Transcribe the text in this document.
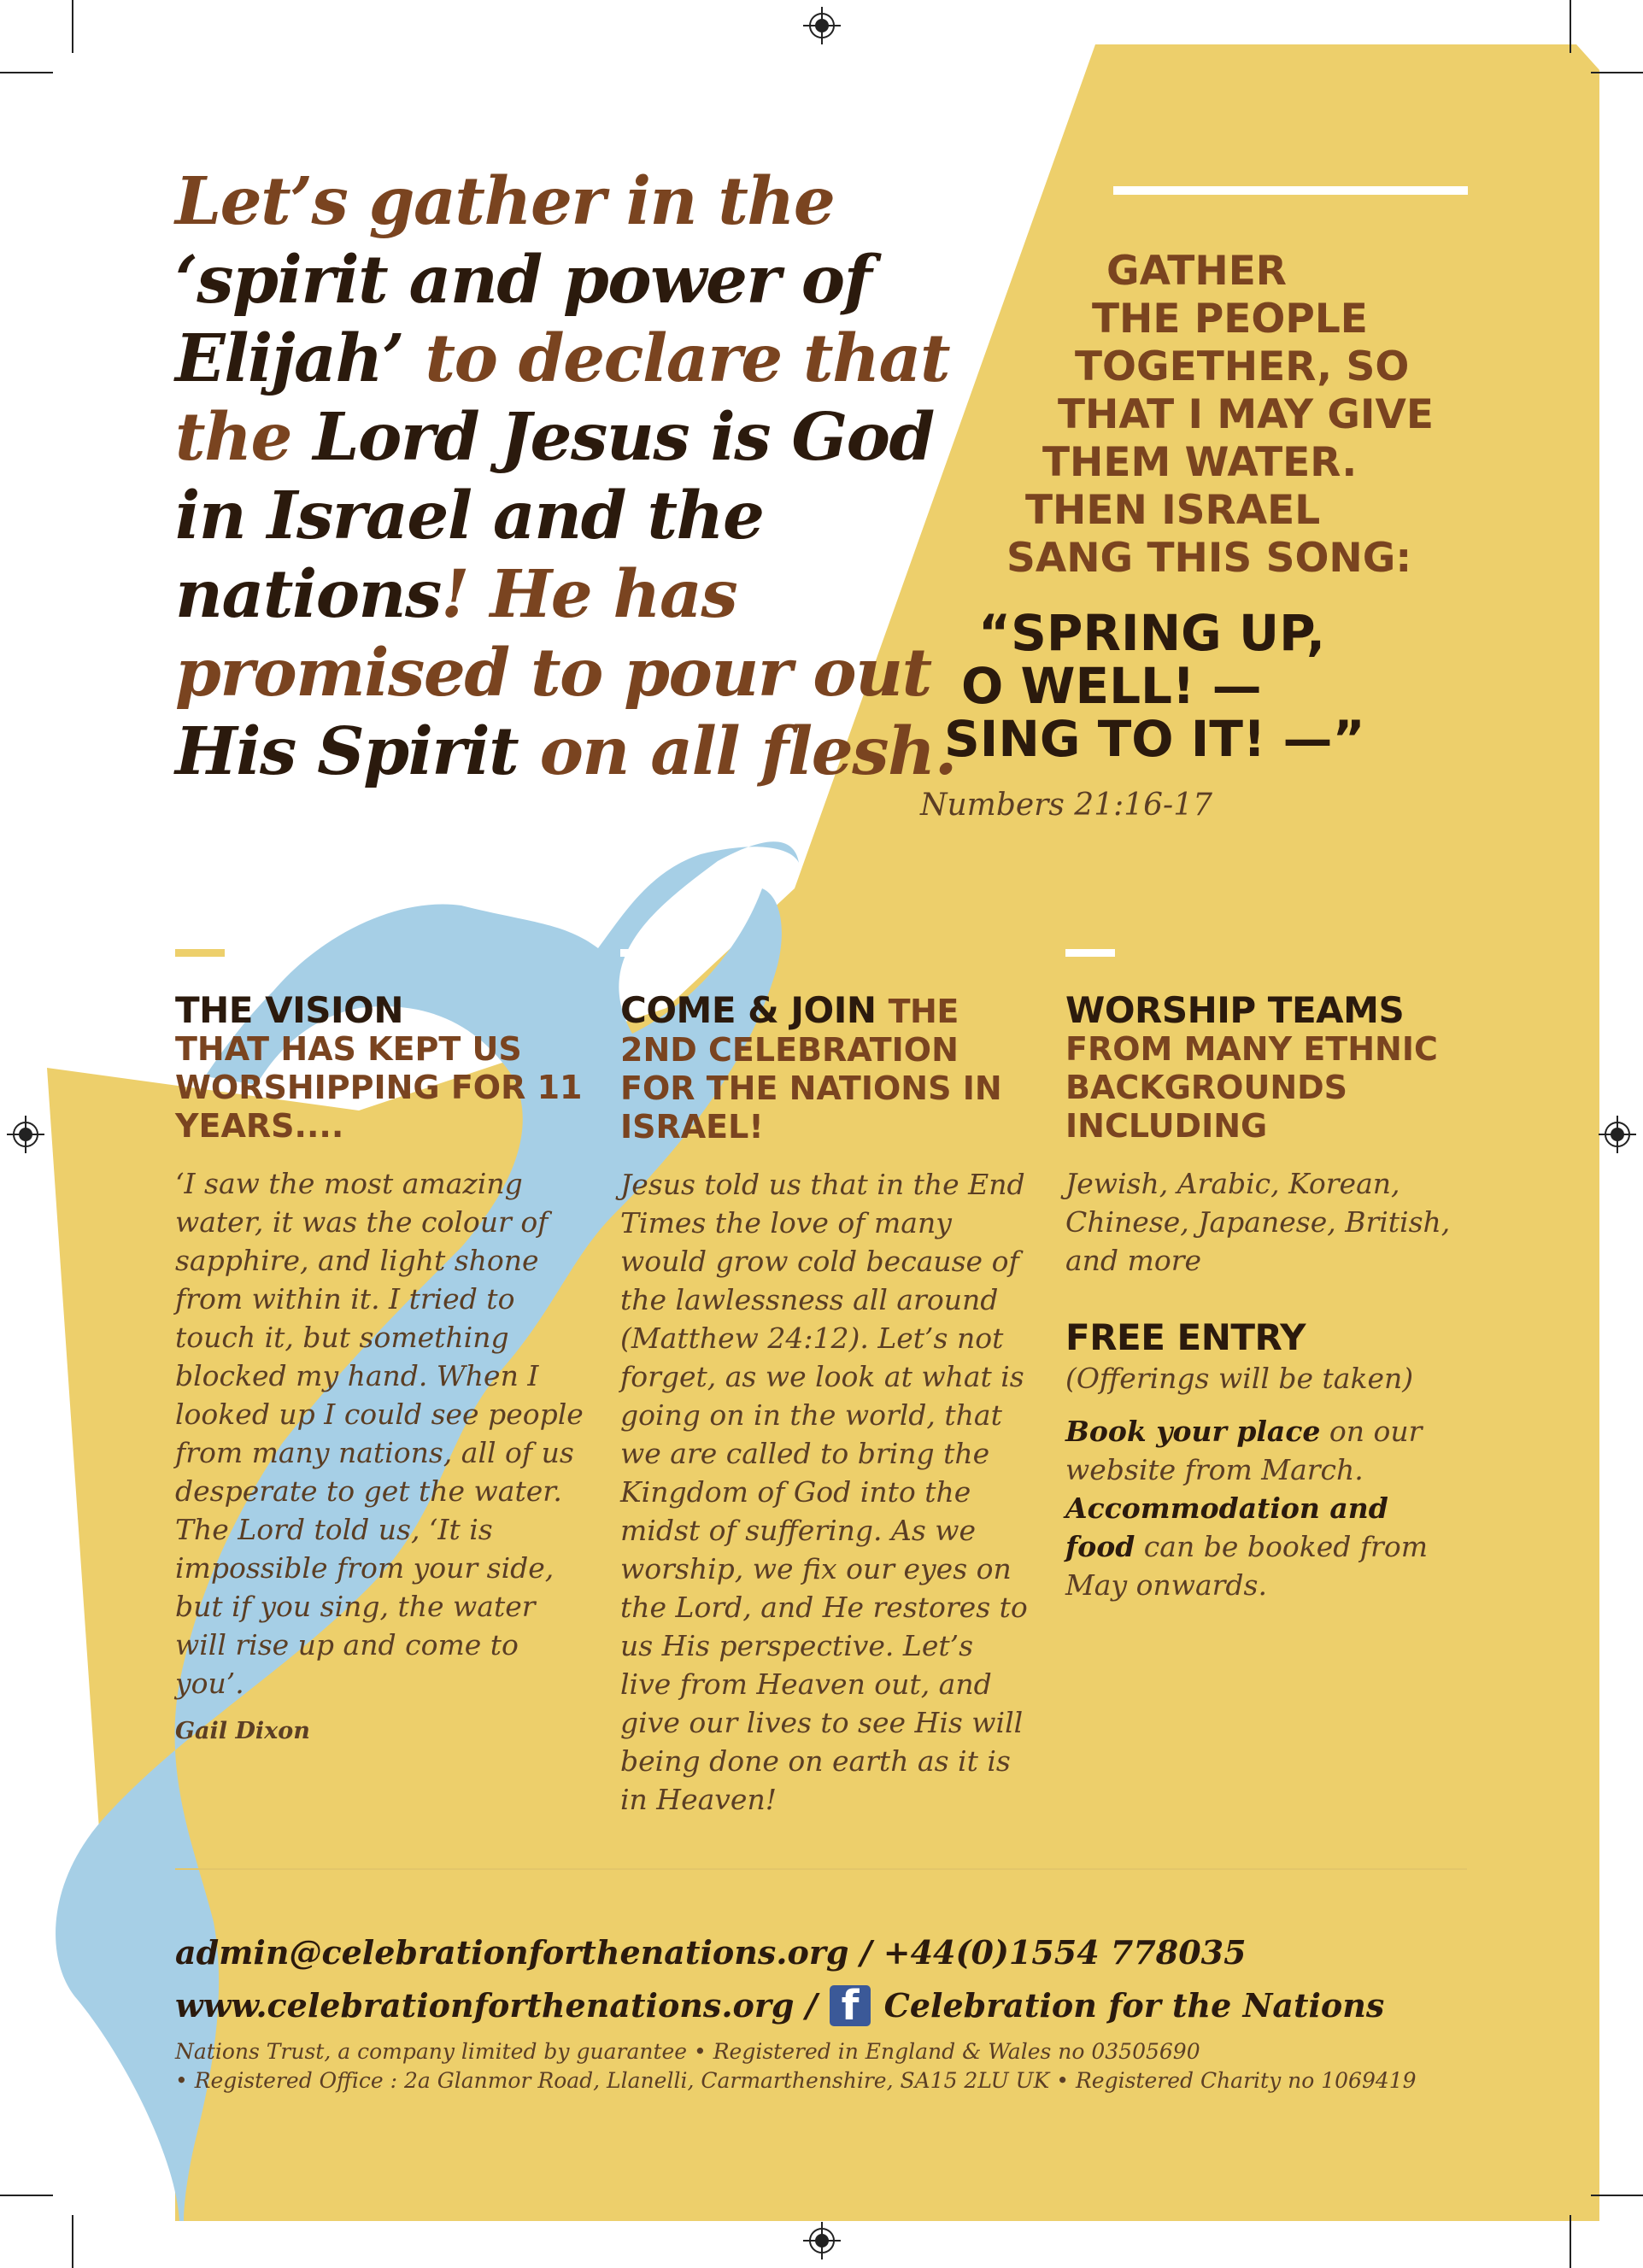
Let’s gather in the
‘spirit and power of Elijah’ to declare that the Lord Jesus is God in Israel and the nations! He has promised to pour out His Spirit on all flesh.
GATHER
THE PEOPLE
TOGETHER, SO
THAT I MAY GIVE
THEM WATER.
THEN ISRAEL
SANG THIS SONG:
“SPRING UP,
O WELL! —
SING TO IT! —”
Numbers 21:16-17
THE VISION
THAT HAS KEPT US WORSHIPPING FOR 11 YEARS....

‘I saw the most amazing water, it was the colour of sapphire, and light shone from within it. I tried to touch it, but something blocked my hand. When I looked up I could see people from many nations, all of us desperate to get the water. The Lord told us, ‘It is impossible from your side, but if you sing, the water will rise up and come to you’.

Gail Dixon
COME & JOIN THE
2ND CELEBRATION FOR THE NATIONS IN ISRAEL!

Jesus told us that in the End Times the love of many would grow cold because of the lawlessness all around (Matthew 24:12). Let’s not forget, as we look at what is going on in the world, that we are called to bring the Kingdom of God into the midst of suffering. As we worship, we fix our eyes on the Lord, and He restores to us His perspective. Let’s live from Heaven out, and give our lives to see His will being done on earth as it is in Heaven!

WORSHIP TEAMS
FROM MANY ETHNIC BACKGROUNDS INCLUDING

Jewish, Arabic, Korean, Chinese, Japanese, British, and more

FREE ENTRY

(Offerings will be taken)

Book your place on our website from March. Accommodation and food can be booked from May onwards.

admin@celebrationforthenations.org
/ +44(0)1554 778035
www.celebrationforthenations.org
/ f Celebration for the Nations
Nations Trust, a company limited by guarantee • Registered in England & Wales no 03505690
• Registered Office : 2a Glanmor Road, Llanelli, Carmarthenshire, SA15 2LU UK • Registered Charity no 1069419
